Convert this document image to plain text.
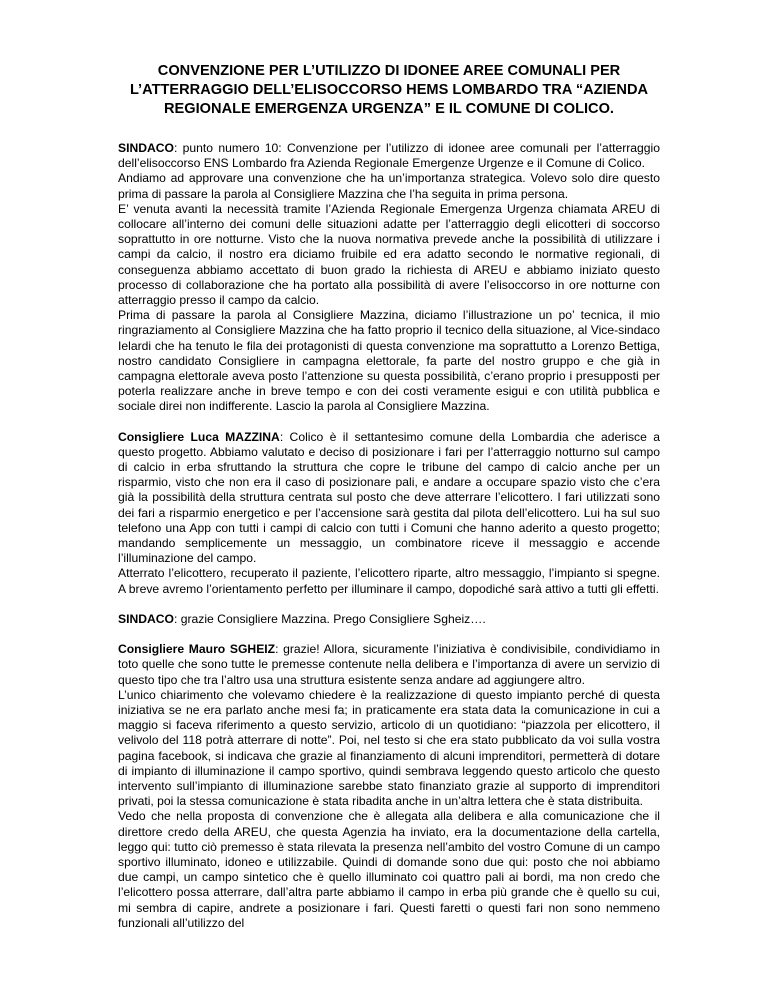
CONVENZIONE PER L’UTILIZZO DI IDONEE AREE COMUNALI PER L’ATTERRAGGIO DELL’ELISOCCORSO HEMS LOMBARDO TRA “AZIENDA REGIONALE EMERGENZA URGENZA” E IL COMUNE DI COLICO.

SINDACO: punto numero 10: Convenzione per l’utilizzo di idonee aree comunali per l’atterraggio dell’elisoccorso ENS Lombardo fra Azienda Regionale Emergenze Urgenze e il Comune di Colico.

Andiamo ad approvare una convenzione che ha un’importanza strategica. Volevo solo dire questo prima di passare la parola al Consigliere Mazzina che l’ha seguita in prima persona.

E’ venuta avanti la necessità tramite l’Azienda Regionale Emergenza Urgenza chiamata AREU di collocare all’interno dei comuni delle situazioni adatte per l’atterraggio degli elicotteri di soccorso soprattutto in ore notturne. Visto che la nuova normativa prevede anche la possibilità di utilizzare i campi da calcio, il nostro era diciamo fruibile ed era adatto secondo le normative regionali, di conseguenza abbiamo accettato di buon grado la richiesta di AREU e abbiamo iniziato questo processo di collaborazione che ha portato alla possibilità di avere l’elisoccorso in ore notturne con atterraggio presso il campo da calcio.

Prima di passare la parola al Consigliere Mazzina, diciamo l’illustrazione un po’ tecnica, il mio ringraziamento al Consigliere Mazzina che ha fatto proprio il tecnico della situazione, al Vice-sindaco Ielardi che ha tenuto le fila dei protagonisti di questa convenzione ma soprattutto a Lorenzo Bettiga, nostro candidato Consigliere in campagna elettorale, fa parte del nostro gruppo e che già in campagna elettorale aveva posto l’attenzione su questa possibilità, c’erano proprio i presupposti per poterla realizzare anche in breve tempo e con dei costi veramente esigui e con utilità pubblica e sociale direi non indifferente. Lascio la parola al Consigliere Mazzina.

Consigliere Luca MAZZINA: Colico è il settantesimo comune della Lombardia che aderisce a questo progetto. Abbiamo valutato e deciso di posizionare i fari per l’atterraggio notturno sul campo di calcio in erba sfruttando la struttura che copre le tribune del campo di calcio anche per un risparmio, visto che non era il caso di posizionare pali, e andare a occupare spazio visto che c’era già la possibilità della struttura centrata sul posto che deve atterrare l’elicottero. I fari utilizzati sono dei fari a risparmio energetico e per l’accensione sarà gestita dal pilota dell’elicottero. Lui ha sul suo telefono una App con tutti i campi di calcio con tutti i Comuni che hanno aderito a questo progetto; mandando semplicemente un messaggio, un combinatore riceve il messaggio e accende l’illuminazione del campo.

Atterrato l’elicottero, recuperato il paziente, l’elicottero riparte, altro messaggio, l’impianto si spegne. A breve avremo l’orientamento perfetto per illuminare il campo, dopodiché sarà attivo a tutti gli effetti.

SINDACO: grazie Consigliere Mazzina. Prego Consigliere Sgheiz….

Consigliere Mauro SGHEIZ: grazie! Allora, sicuramente l’iniziativa è condivisibile, condividiamo in toto quelle che sono tutte le premesse contenute nella delibera e l’importanza di avere un servizio di questo tipo che tra l’altro usa una struttura esistente senza andare ad aggiungere altro.

L’unico chiarimento che volevamo chiedere è la realizzazione di questo impianto perché di questa iniziativa se ne era parlato anche mesi fa; in praticamente era stata data la comunicazione in cui a maggio si faceva riferimento a questo servizio, articolo di un quotidiano: “piazzola per elicottero, il velivolo del 118 potrà atterrare di notte”. Poi, nel testo si che era stato pubblicato da voi sulla vostra pagina facebook, si indicava che grazie al finanziamento di alcuni imprenditori, permetterà di dotare di impianto di illuminazione il campo sportivo, quindi sembrava leggendo questo articolo che questo intervento sull’impianto di illuminazione sarebbe stato finanziato grazie al supporto di imprenditori privati, poi la stessa comunicazione è stata ribadita anche in un’altra lettera che è stata distribuita.

Vedo che nella proposta di convenzione che è allegata alla delibera e alla comunicazione che il direttore credo della AREU, che questa Agenzia ha inviato, era la documentazione della cartella, leggo qui: tutto ciò premesso è stata rilevata la presenza nell’ambito del vostro Comune di un campo sportivo illuminato, idoneo e utilizzabile. Quindi di domande sono due qui: posto che noi abbiamo due campi, un campo sintetico che è quello illuminato coi quattro pali ai bordi, ma non credo che l’elicottero possa atterrare, dall’altra parte abbiamo il campo in erba più grande che è quello su cui, mi sembra di capire, andrete a posizionare i fari. Questi faretti o questi fari non sono nemmeno funzionali all’utilizzo del
